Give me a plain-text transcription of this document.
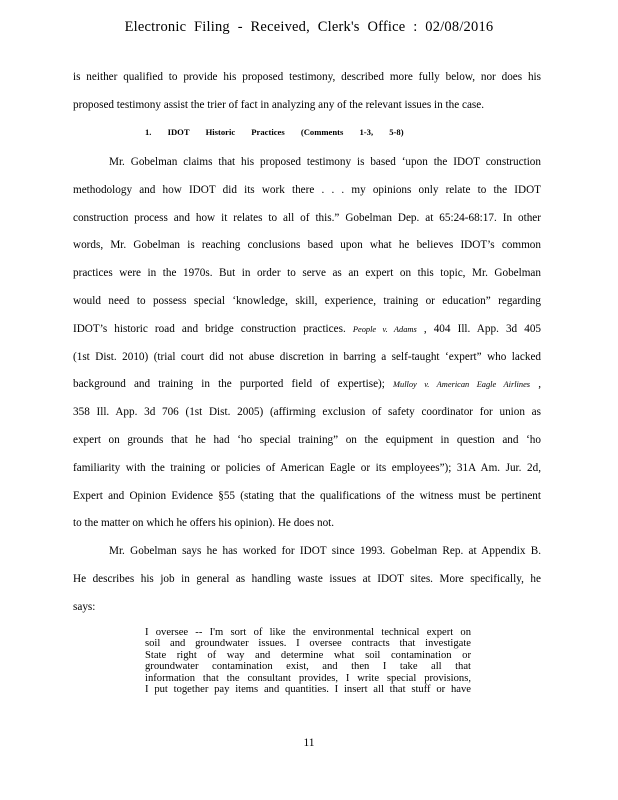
Electronic Filing - Received, Clerk's Office : 02/08/2016
is neither qualified to provide his proposed testimony, described more fully below, nor does his
proposed testimony assist the trier of fact in analyzing any of the relevant issues in the case.
1. IDOT Historic Practices (Comments 1-3, 5-8)
Mr. Gobelman claims that his proposed testimony is based ‘upon the IDOT construction
methodology and how IDOT did its work there . . . my opinions only relate to the IDOT
construction process and how it relates to all of this.” Gobelman Dep. at 65:24-68:17. In other
words, Mr. Gobelman is reaching conclusions based upon what he believes IDOT’s common
practices were in the 1970s. But in order to serve as an expert on this topic, Mr. Gobelman
would need to possess special ‘knowledge, skill, experience, training or education” regarding
IDOT’s historic road and bridge construction practices. People v. Adams , 404 Ill. App. 3d 405
(1st Dist. 2010) (trial court did not abuse discretion in barring a self-taught ‘expert” who lacked
background and training in the purported field of expertise); Mulloy v. American Eagle Airlines ,
358 Ill. App. 3d 706 (1st Dist. 2005) (affirming exclusion of safety coordinator for union as
expert on grounds that he had ‘ho special training” on the equipment in question and ‘ho
familiarity with the training or policies of American Eagle or its employees”); 31A Am. Jur. 2d,
Expert and Opinion Evidence §55 (stating that the qualifications of the witness must be pertinent
to the matter on which he offers his opinion). He does not.
Mr. Gobelman says he has worked for IDOT since 1993. Gobelman Rep. at Appendix B.
He describes his job in general as handling waste issues at IDOT sites. More specifically, he
says:
I oversee -- I'm sort of like the environmental technical expert on
soil and groundwater issues. I oversee contracts that investigate
State right of way and determine what soil contamination or
groundwater contamination exist, and then I take all that
information that the consultant provides, I write special provisions,
I put together pay items and quantities. I insert all that stuff or have
11
